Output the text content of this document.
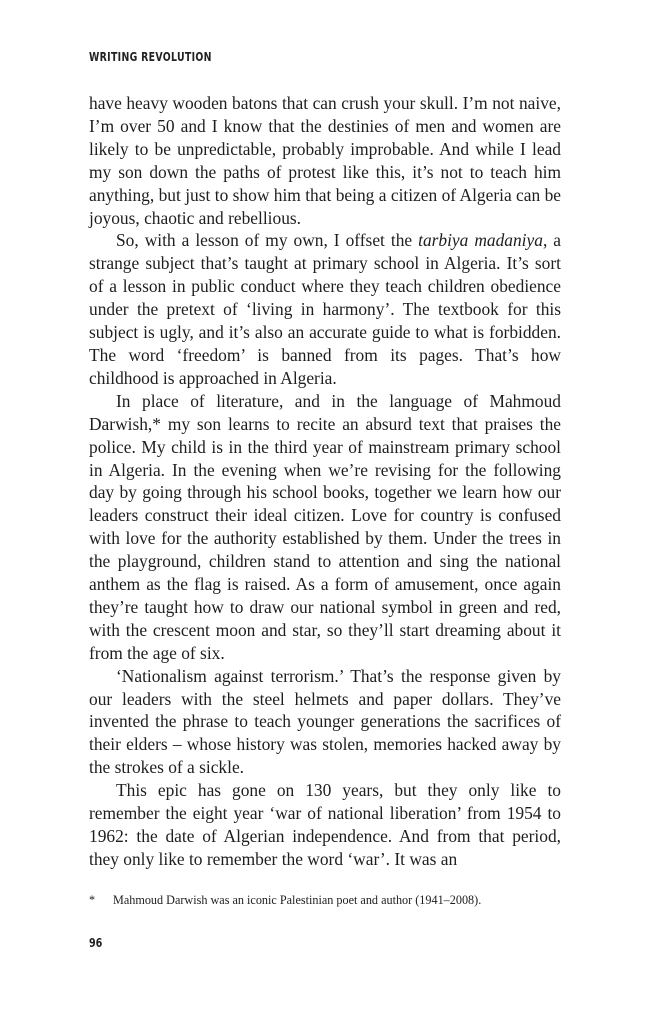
WRITING REVOLUTION

have heavy wooden batons that can crush your skull. I’m not naive, I’m over 50 and I know that the destinies of men and women are likely to be unpredictable, probably improbable. And while I lead my son down the paths of protest like this, it’s not to teach him anything, but just to show him that being a citizen of Algeria can be joyous, chaotic and rebellious.

So, with a lesson of my own, I offset the tarbiya madaniya, a strange subject that’s taught at primary school in Algeria. It’s sort of a lesson in public conduct where they teach children obedience under the pretext of ‘living in harmony’. The textbook for this subject is ugly, and it’s also an accurate guide to what is forbidden. The word ‘freedom’ is banned from its pages. That’s how childhood is approached in Algeria.

In place of literature, and in the language of Mahmoud Darwish,* my son learns to recite an absurd text that praises the police. My child is in the third year of mainstream primary school in Algeria. In the evening when we’re revising for the following day by going through his school books, together we learn how our leaders construct their ideal citizen. Love for country is confused with love for the authority established by them. Under the trees in the playground, children stand to attention and sing the national anthem as the flag is raised. As a form of amusement, once again they’re taught how to draw our national symbol in green and red, with the crescent moon and star, so they’ll start dreaming about it from the age of six.

‘Nationalism against terrorism.’ That’s the response given by our leaders with the steel helmets and paper dollars. They’ve invented the phrase to teach younger generations the sacrifices of their elders – whose history was stolen, memories hacked away by the strokes of a sickle.

This epic has gone on 130 years, but they only like to remember the eight year ‘war of national liberation’ from 1954 to 1962: the date of Algerian independence. And from that period, they only like to remember the word ‘war’. It was an

* Mahmoud Darwish was an iconic Palestinian poet and author (1941–2008).
96
